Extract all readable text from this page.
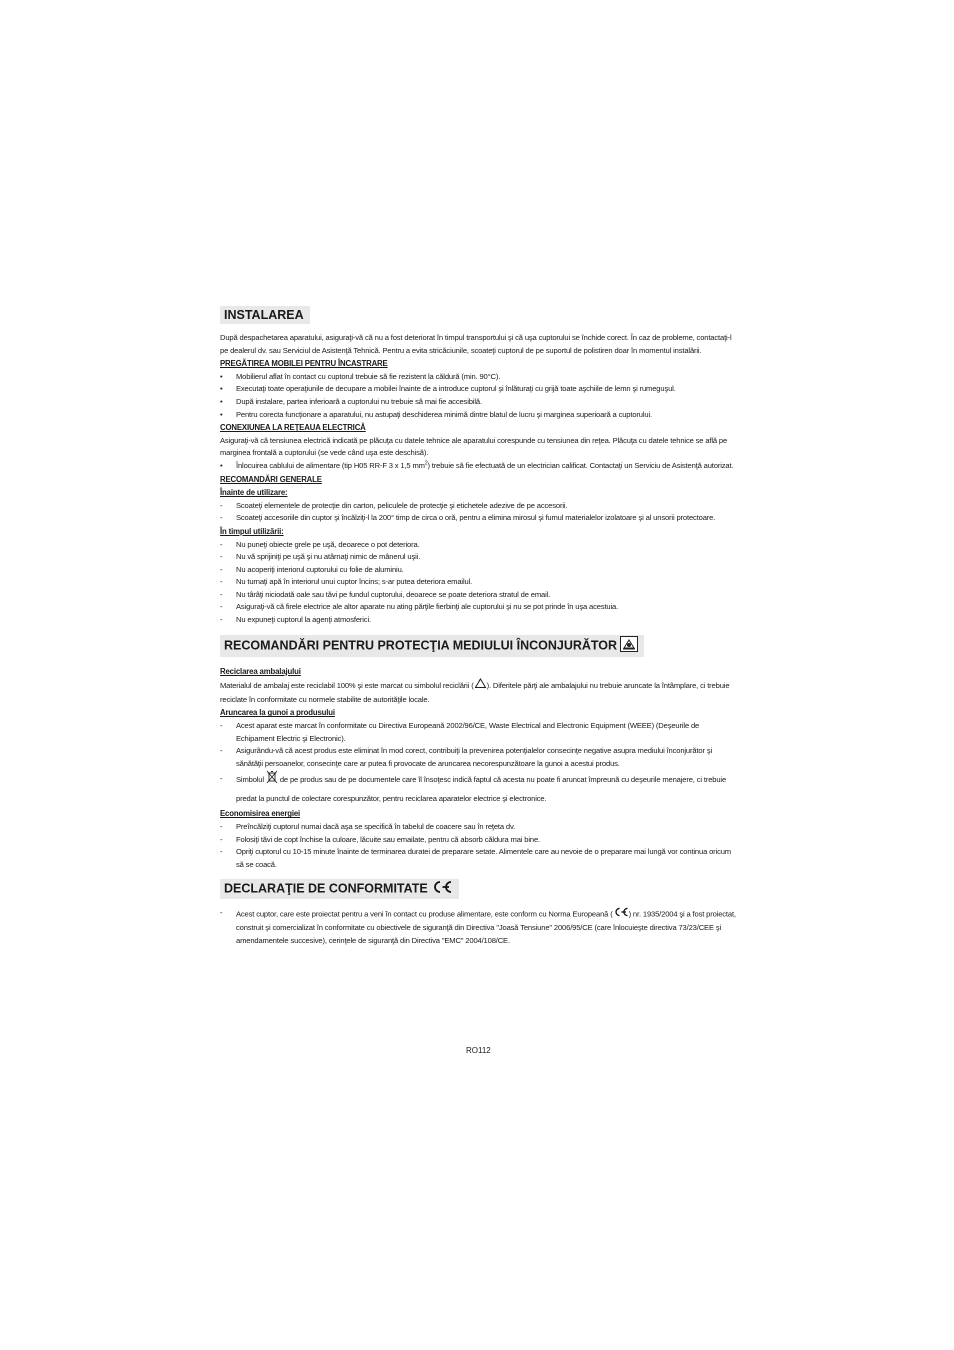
INSTALAREA

După despachetarea aparatului, asiguraţi-vă că nu a fost deteriorat în timpul transportului şi că uşa cuptorului se închide corect. În caz de probleme, contactaţi-l pe dealerul dv. sau Serviciul de Asistenţă Tehnică. Pentru a evita stricăciunile, scoateţi cuptorul de pe suportul de polistiren doar în momentul instalării.

PREGĂTIREA MOBILEI PENTRU ÎNCASTRARE
• Mobilierul aflat în contact cu cuptorul trebuie să fie rezistent la căldură (min. 90°C).
• Executaţi toate operaţiunile de decupare a mobilei înainte de a introduce cuptorul şi înlăturaţi cu grijă toate aşchiile de lemn şi rumeguşul.
• După instalare, partea inferioară a cuptorului nu trebuie să mai fie accesibilă.
• Pentru corecta funcţionare a aparatului, nu astupaţi deschiderea minimă dintre blatul de lucru şi marginea superioară a cuptorului.
CONEXIUNEA LA REŢEAUA ELECTRICĂ

Asiguraţi-vă că tensiunea electrică indicată pe plăcuţa cu datele tehnice ale aparatului corespunde cu tensiunea din reţea. Plăcuţa cu datele tehnice se află pe marginea frontală a cuptorului (se vede când uşa este deschisă).

• Înlocuirea cablului de alimentare (tip H05 RR-F 3 x 1,5 $mm^2$) trebuie să fie efectuată de un electrician calificat. Contactaţi un Serviciu de Asistenţă autorizat.
RECOMANDĂRI GENERALE
Înainte de utilizare:
- Scoateţi elementele de protecţie din carton, peliculele de protecţie şi etichetele adezive de pe accesorii.
- Scoateţi accesoriile din cuptor şi încălziţi-l la 200° timp de circa o oră, pentru a elimina mirosul şi fumul materialelor izolatoare şi al unsorii protectoare.
În timpul utilizării:
- Nu puneţi obiecte grele pe uşă, deoarece o pot deteriora.
- Nu vă sprijiniţi pe uşă şi nu atârnaţi nimic de mânerul uşii.
- Nu acoperiţi interiorul cuptorului cu folie de aluminiu.
- Nu turnaţi apă în interiorul unui cuptor încins; s-ar putea deteriora emailul.
- Nu târâţi niciodată oale sau tăvi pe fundul cuptorului, deoarece se poate deteriora stratul de email.
- Asiguraţi-vă că firele electrice ale altor aparate nu ating părţile fierbinţi ale cuptorului şi nu se pot prinde în uşa acestuia.
- Nu expuneţi cuptorul la agenţi atmosferici.
RECOMANDĂRI PENTRU PROTECŢIA MEDIULUI ÎNCONJURĂTOR
Reciclarea ambalajului

Materialul de ambalaj este reciclabil 100% şi este marcat cu simbolul reciclării ( ). Diferitele părţi ale ambalajului nu trebuie aruncate la întâmplare, ci trebuie reciclate în conformitate cu normele stabilite de autorităţile locale.

Aruncarea la gunoi a produsului
- Acest aparat este marcat în conformitate cu Directiva Europeană 2002/96/CE, Waste Electrical and Electronic Equipment (WEEE) (Deşeurile de Echipament Electric şi Electronic).
- Asigurându-vă că acest produs este eliminat în mod corect, contribuiţi la prevenirea potenţialelor consecinţe negative asupra mediului înconjurător şi sănătăţii persoanelor, consecinţe care ar putea fi provocate de aruncarea necorespunzătoare la gunoi a acestui produs.
- Simbolul de pe produs sau de pe documentele care îl însoţesc indică faptul că acesta nu poate fi aruncat împreună cu deşeurile menajere, ci trebuie predat la punctul de colectare corespunzător, pentru reciclarea aparatelor electrice şi electronice.
Economisirea energiei
- Preîncălziţi cuptorul numai dacă aşa se specifică în tabelul de coacere sau în reţeta dv.
- Folosiţi tăvi de copt închise la culoare, lăcuite sau emailate, pentru că absorb căldura mai bine.
- Opriţi cuptorul cu 10-15 minute înainte de terminarea duratei de preparare setate. Alimentele care au nevoie de o preparare mai lungă vor continua oricum să se coacă.
DECLARAŢIE DE CONFORMITATE
- Acest cuptor, care este proiectat pentru a veni în contact cu produse alimentare, este conform cu Norma Europeană ( ) nr. 1935/2004 şi a fost proiectat, construit şi comercializat în conformitate cu obiectivele de siguranţă din Directiva "Joasă Tensiune" 2006/95/CE (care înlocuieşte directiva 73/23/CEE şi amendamentele succesive), cerinţele de siguranţă din Directiva "EMC" 2004/108/CE.
RO112
